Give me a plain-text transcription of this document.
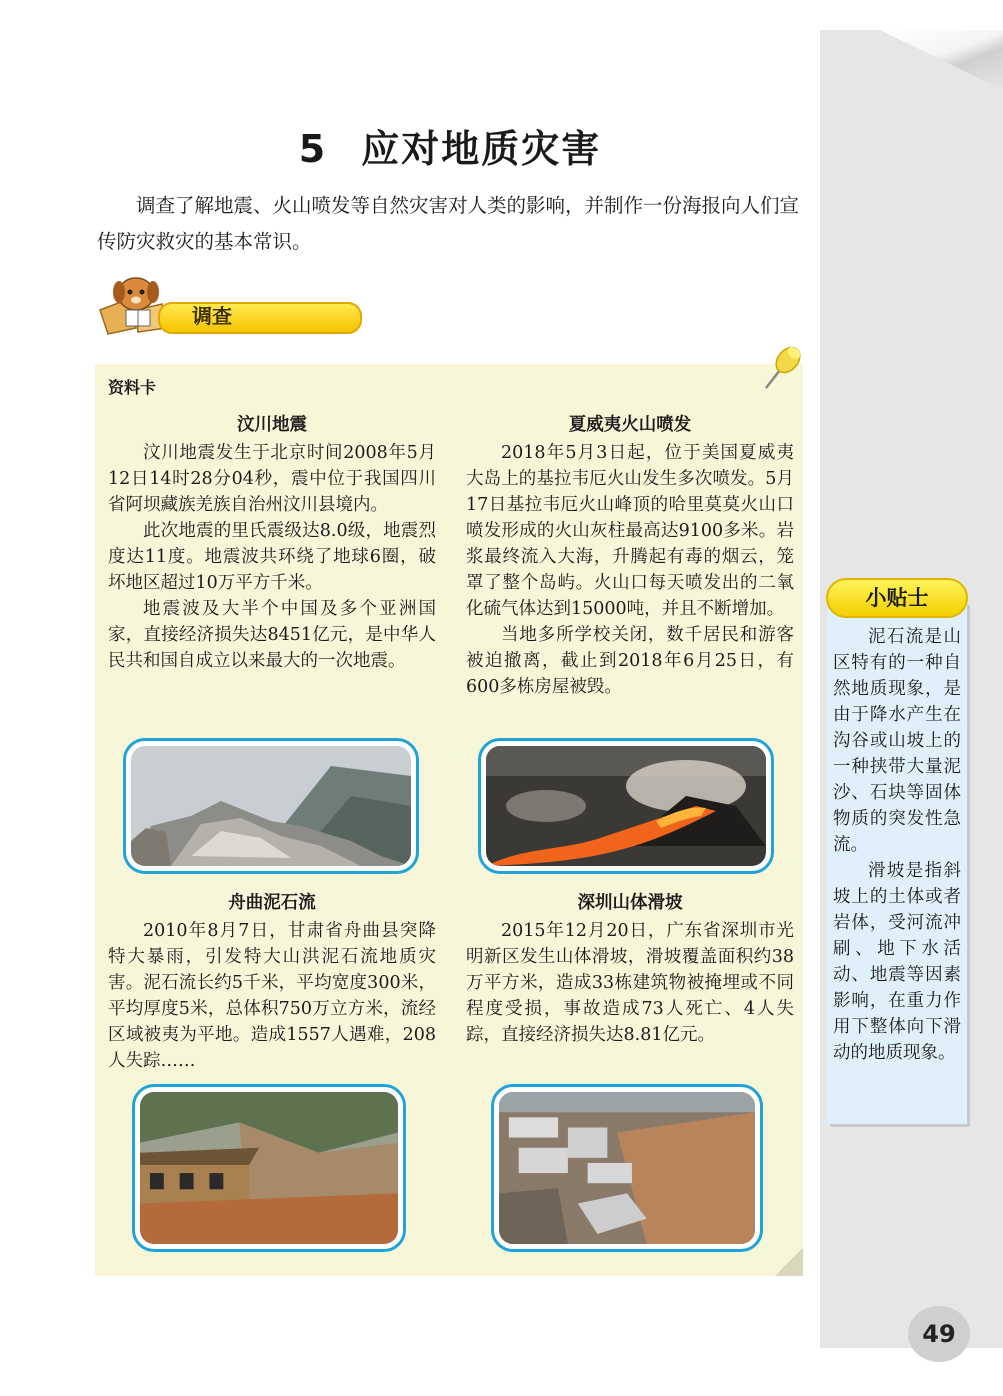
5 应对地质灾害
调查了解地震、火山喷发等自然灾害对人类的影响，并制作一份海报向人们宣传防灾救灾的基本常识。
调查
资料卡
汶川地震

汶川地震发生于北京时间2008年5月12日14时28分04秒，震中位于我国四川省阿坝藏族羌族自治州汶川县境内。

此次地震的里氏震级达8.0级，地震烈度达11度。地震波共环绕了地球6圈，破坏地区超过10万平方千米。

地震波及大半个中国及多个亚洲国家，直接经济损失达8451亿元，是中华人民共和国自成立以来最大的一次地震。

夏威夷火山喷发

2018年5月3日起，位于美国夏威夷大岛上的基拉韦厄火山发生多次喷发。5月17日基拉韦厄火山峰顶的哈里莫莫火山口喷发形成的火山灰柱最高达9100多米。岩浆最终流入大海，升腾起有毒的烟云，笼罩了整个岛屿。火山口每天喷发出的二氧化硫气体达到15000吨，并且不断增加。

当地多所学校关闭，数千居民和游客被迫撤离，截止到2018年6月25日，有600多栋房屋被毁。

舟曲泥石流

2010年8月7日，甘肃省舟曲县突降特大暴雨，引发特大山洪泥石流地质灾害。泥石流长约5千米，平均宽度300米，平均厚度5米，总体积750万立方米，流经区域被夷为平地。造成1557人遇难，208人失踪……

深圳山体滑坡

2015年12月20日，广东省深圳市光明新区发生山体滑坡，滑坡覆盖面积约38万平方米，造成33栋建筑物被掩埋或不同程度受损，事故造成73人死亡、4人失踪，直接经济损失达8.81亿元。

小贴士

泥石流是山区特有的一种自然地质现象，是由于降水产生在沟谷或山坡上的一种挟带大量泥沙、石块等固体物质的突发性急流。

滑坡是指斜坡上的土体或者岩体，受河流冲刷、地下水活动、地震等因素影响，在重力作用下整体向下滑动的地质现象。

49
